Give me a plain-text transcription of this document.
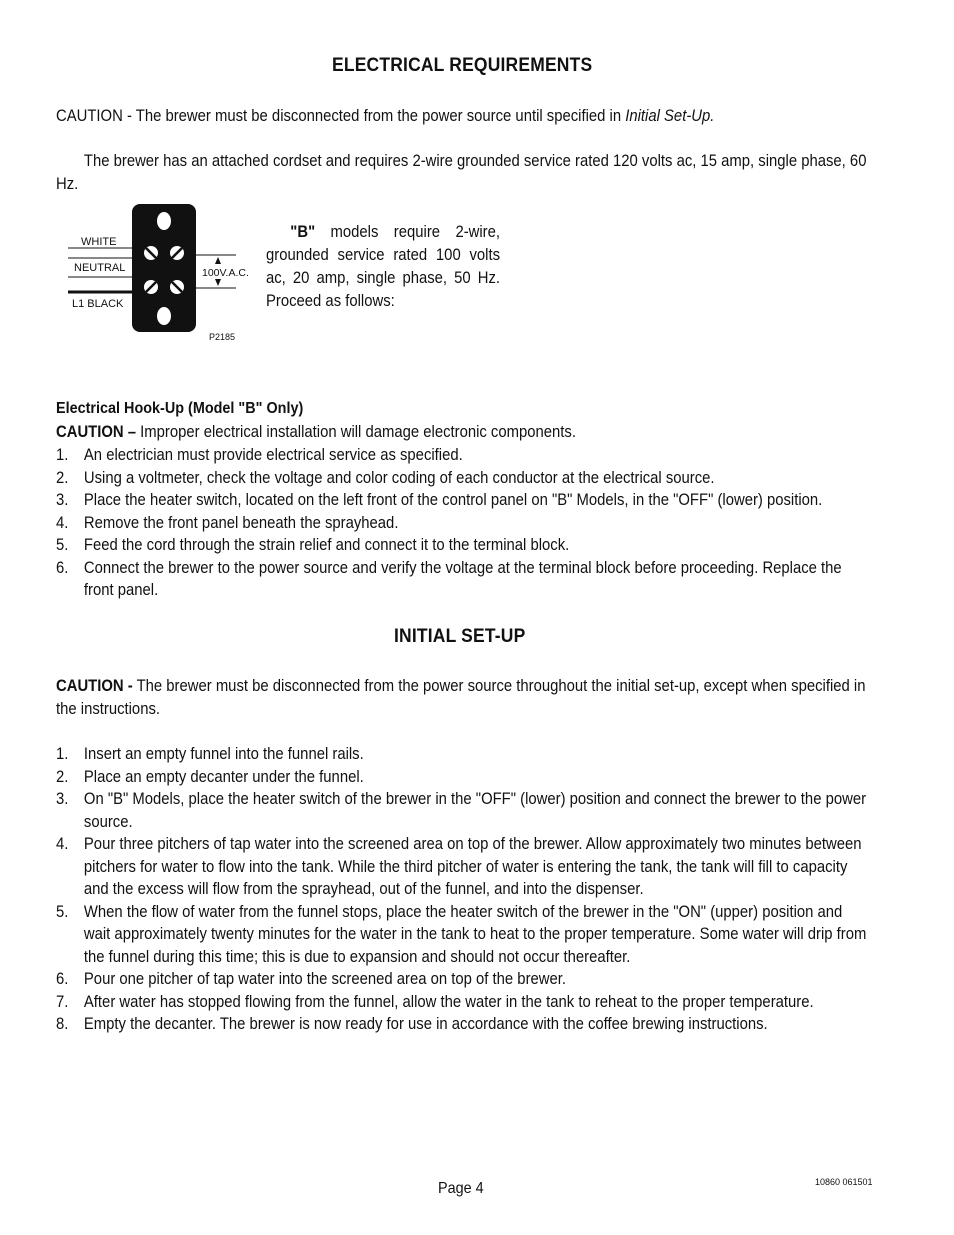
ELECTRICAL REQUIREMENTS
CAUTION - The brewer must be disconnected from the power source until specified in Initial Set-Up.
The brewer has an attached cordset and requires 2-wire grounded service rated 120 volts ac, 15 amp, single phase, 60 Hz.
WHITE
NEUTRAL
L1 BLACK
100V.A.C.
P2185
"B" models require 2-wire, grounded service rated 100 volts ac, 20 amp, single phase, 50 Hz. Proceed as follows:
Electrical Hook-Up (Model "B" Only)
CAUTION – Improper electrical installation will damage electronic components.
1. An electrician must provide electrical service as specified.
2. Using a voltmeter, check the voltage and color coding of each conductor at the electrical source.
3. Place the heater switch, located on the left front of the control panel on "B" Models, in the "OFF" (lower) position.
4. Remove the front panel beneath the sprayhead.
5. Feed the cord through the strain relief and connect it to the terminal block.
6. Connect the brewer to the power source and verify the voltage at the terminal block before proceeding. Replace the front panel.
INITIAL SET-UP
CAUTION - The brewer must be disconnected from the power source throughout the initial set-up, except when specified in the instructions.
1. Insert an empty funnel into the funnel rails.
2. Place an empty decanter under the funnel.
3. On "B" Models, place the heater switch of the brewer in the "OFF" (lower) position and connect the brewer to the power source.
4. Pour three pitchers of tap water into the screened area on top of the brewer. Allow approximately two minutes between pitchers for water to flow into the tank. While the third pitcher of water is entering the tank, the tank will fill to capacity and the excess will flow from the sprayhead, out of the funnel, and into the dispenser.
5. When the flow of water from the funnel stops, place the heater switch of the brewer in the "ON" (upper) position and wait approximately twenty minutes for the water in the tank to heat to the proper temperature. Some water will drip from the funnel during this time; this is due to expansion and should not occur thereafter.
6. Pour one pitcher of tap water into the screened area on top of the brewer.
7. After water has stopped flowing from the funnel, allow the water in the tank to reheat to the proper temperature.
8. Empty the decanter. The brewer is now ready for use in accordance with the coffee brewing instructions.
Page 4	10860 061501
